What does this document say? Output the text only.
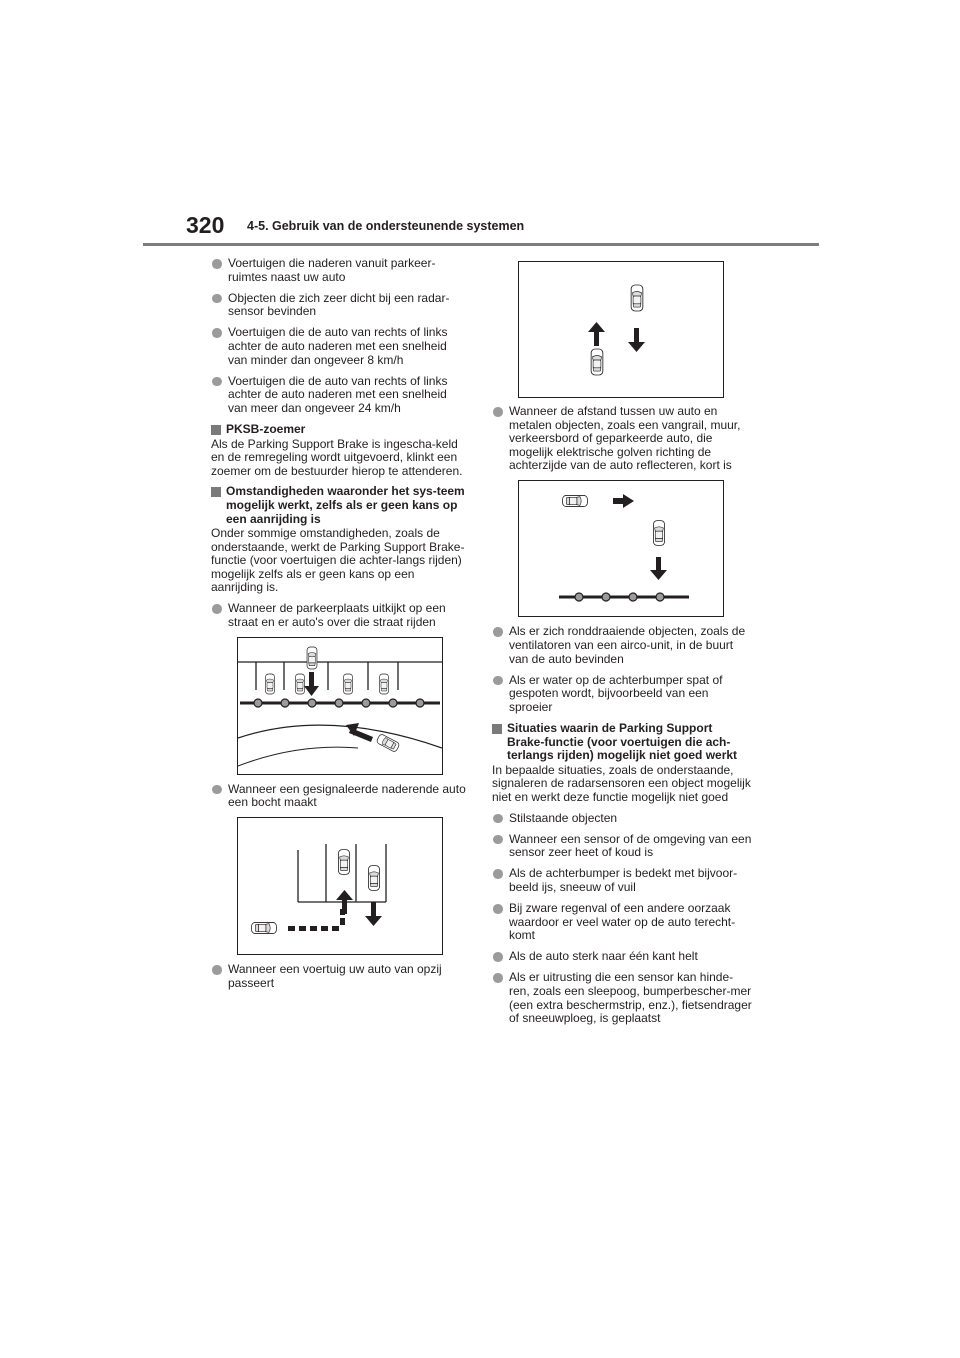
320 4-5. Gebruik van de ondersteunende systemen
Voertuigen die naderen vanuit parkeer-ruimtes naast uw auto
Objecten die zich zeer dicht bij een radar-sensor bevinden
Voertuigen die de auto van rechts of links achter de auto naderen met een snelheid van minder dan ongeveer 8 km/h
Voertuigen die de auto van rechts of links achter de auto naderen met een snelheid van meer dan ongeveer 24 km/h
PKSB-zoemer
Als de Parking Support Brake is ingescha-keld en de remregeling wordt uitgevoerd, klinkt een zoemer om de bestuurder hierop te attenderen.
Omstandigheden waaronder het sys-teem mogelijk werkt, zelfs als er geen kans op een aanrijding is
Onder sommige omstandigheden, zoals de onderstaande, werkt de Parking Support Brake-functie (voor voertuigen die achter-langs rijden) mogelijk zelfs als er geen kans op een aanrijding is.
Wanneer de parkeerplaats uitkijkt op een straat en er auto's over die straat rijden
Wanneer een gesignaleerde naderende auto een bocht maakt
Wanneer een voertuig uw auto van opzij passeert
Wanneer de afstand tussen uw auto en metalen objecten, zoals een vangrail, muur, verkeersbord of geparkeerde auto, die mogelijk elektrische golven richting de achterzijde van de auto reflecteren, kort is
Als er zich ronddraaiende objecten, zoals de ventilatoren van een airco-unit, in de buurt van de auto bevinden
Als er water op de achterbumper spat of gespoten wordt, bijvoorbeeld van een sproeier
Situaties waarin de Parking Support Brake-functie (voor voertuigen die ach-terlangs rijden) mogelijk niet goed werkt
In bepaalde situaties, zoals de onderstaande, signaleren de radarsensoren een object mogelijk niet en werkt deze functie mogelijk niet goed
Stilstaande objecten
Wanneer een sensor of de omgeving van een sensor zeer heet of koud is
Als de achterbumper is bedekt met bijvoor-beeld ijs, sneeuw of vuil
Bij zware regenval of een andere oorzaak waardoor er veel water op de auto terecht-komt
Als de auto sterk naar één kant helt
Als er uitrusting die een sensor kan hinde-ren, zoals een sleepoog, bumperbescher-mer (een extra beschermstrip, enz.), fietsendrager of sneeuwploeg, is geplaatst
